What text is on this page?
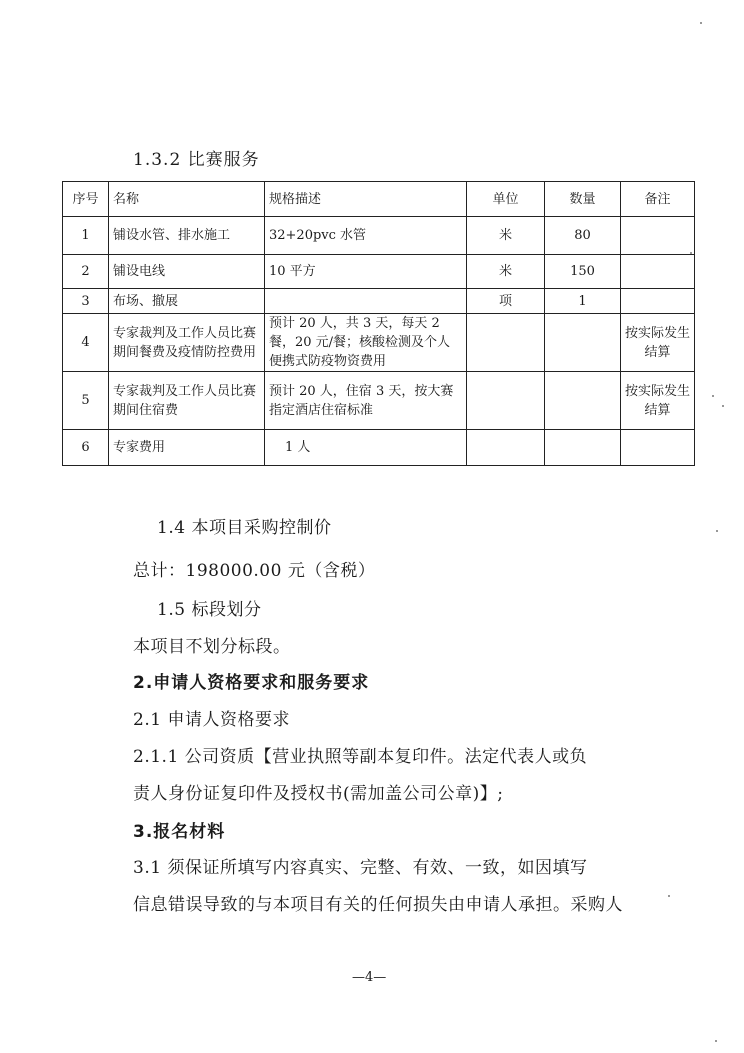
1.3.2 比赛服务
序号	名称	规格描述	单位	数量	备注
1	铺设水管、排水施工	32+20pvc 水管	米	80	
2	铺设电线	10 平方	米	150	
3	布场、撤展		项	1	
4	专家裁判及工作人员比赛期间餐费及疫情防控费用	预计 20 人，共 3 天，每天 2 餐，20 元/餐；核酸检测及个人便携式防疫物资费用			按实际发生结算
5	专家裁判及工作人员比赛期间住宿费	预计 20 人，住宿 3 天，按大赛指定酒店住宿标准			按实际发生结算
6	专家费用	1 人			
1.4 本项目采购控制价
总计：198000.00 元（含税）
1.5 标段划分
本项目不划分标段。
2.申请人资格要求和服务要求
2.1 申请人资格要求
2.1.1 公司资质【营业执照等副本复印件。法定代表人或负
责人身份证复印件及授权书(需加盖公司公章)】;
3.报名材料
3.1 须保证所填写内容真实、完整、有效、一致，如因填写
信息错误导致的与本项目有关的任何损失由申请人承担。采购人
—4—
